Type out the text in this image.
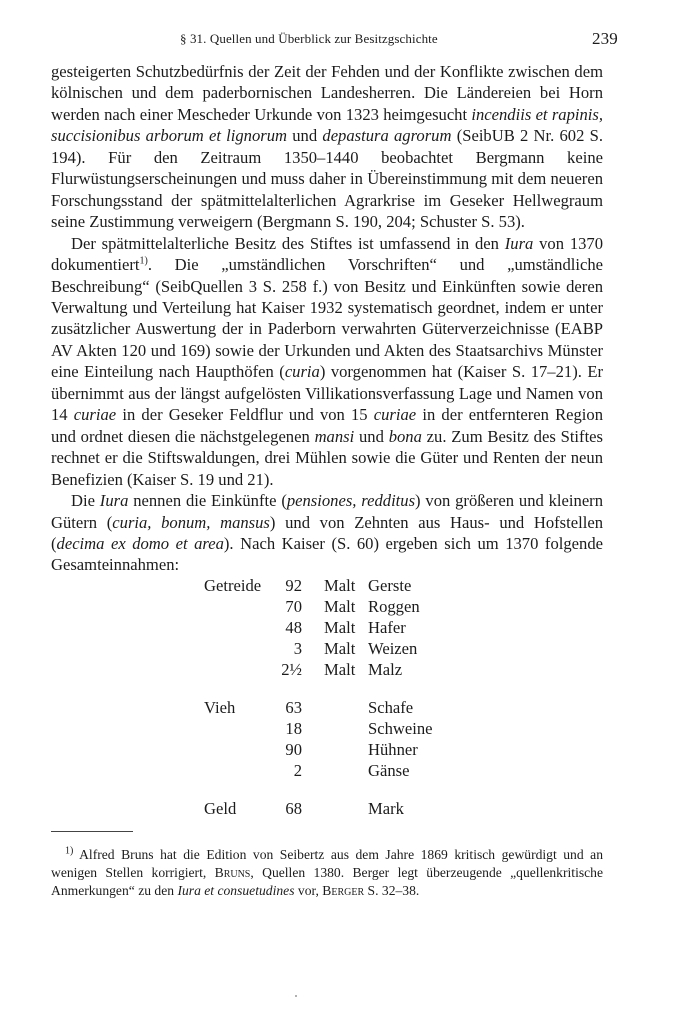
§ 31. Quellen und Überblick zur Besitzgschichte	239

gesteigerten Schutzbedürfnis der Zeit der Fehden und der Konflikte zwischen dem kölnischen und dem paderbornischen Landesherren. Die Ländereien bei Horn werden nach einer Mescheder Urkunde von 1323 heimgesucht incendiis et rapinis, succisionibus arborum et lignorum und depastura agrorum (SeibUB 2 Nr. 602 S. 194). Für den Zeitraum 1350–1440 beobachtet Bergmann keine Flurwüstungserscheinungen und muss daher in Übereinstimmung mit dem neueren Forschungsstand der spätmittelalterlichen Agrarkrise im Geseker Hellwegraum seine Zustimmung verweigern (Bergmann S. 190, 204; Schuster S. 53).

Der spätmittelalterliche Besitz des Stiftes ist umfassend in den Iura von 1370 dokumentiert$^{1)}$. Die „umständlichen Vorschriften“ und „umständliche Beschreibung“ (SeibQuellen 3 S. 258 f.) von Besitz und Einkünften sowie deren Verwaltung und Verteilung hat Kaiser 1932 systematisch geordnet, indem er unter zusätzlicher Auswertung der in Paderborn verwahrten Güterverzeichnisse (EABP AV Akten 120 und 169) sowie der Urkunden und Akten des Staatsarchivs Münster eine Einteilung nach Haupthöfen (curia) vorgenommen hat (Kaiser S. 17–21). Er übernimmt aus der längst aufgelösten Villikationsverfassung Lage und Namen von 14 curiae in der Geseker Feldflur und von 15 curiae in der entfernteren Region und ordnet diesen die nächstgelegenen mansi und bona zu. Zum Besitz des Stiftes rechnet er die Stiftswaldungen, drei Mühlen sowie die Güter und Renten der neun Benefizien (Kaiser S. 19 und 21).

Die Iura nennen die Einkünfte (pensiones, redditus) von größeren und kleinern Gütern (curia, bonum, mansus) und von Zehnten aus Haus- und Hofstellen (decima ex domo et area). Nach Kaiser (S. 60) ergeben sich um 1370 folgende Gesamteinnahmen:

Getreide 92 Malt Gerste
70 Malt Roggen
48 Malt Hafer
3 Malt Weizen
2½ Malt Malz
Vieh	63	Schafe
18	Schweine
90	Hühner
2	Gänse
Geld	68	Mark

$^{1)}$ Alfred Bruns hat die Edition von Seibertz aus dem Jahre 1869 kritisch gewürdigt und an wenigen Stellen korrigiert, Bruns, Quellen 1380. Berger legt überzeugende „quellenkritische Anmerkungen“ zu den Iura et consuetudines vor, Berger S. 32–38.
